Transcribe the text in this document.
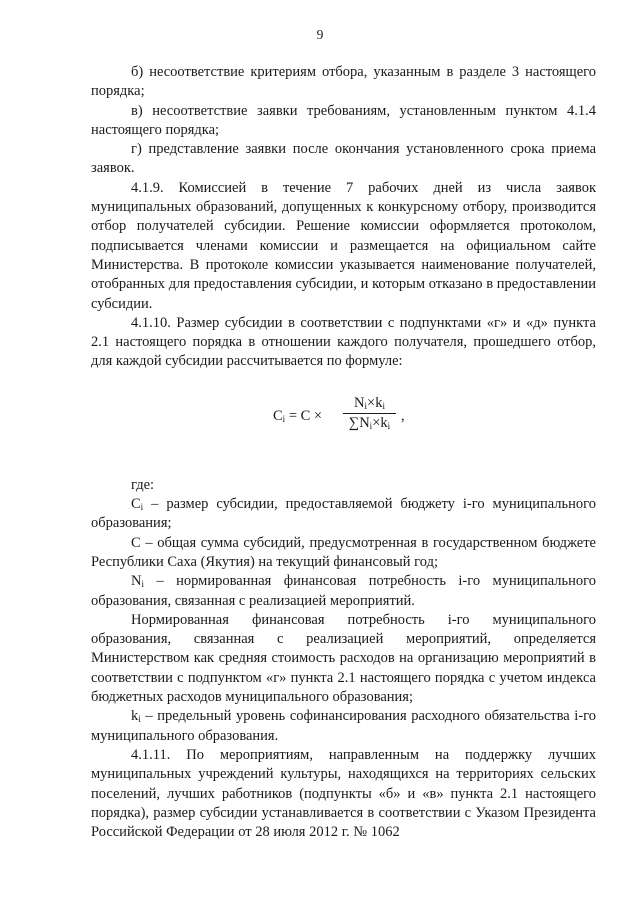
9

б) несоответствие критериям отбора, указанным в разделе 3 настоящего порядка;

в) несоответствие заявки требованиям, установленным пунктом 4.1.4 настоящего порядка;

г) представление заявки после окончания установленного срока приема заявок.

4.1.9. Комиссией в течение 7 рабочих дней из числа заявок муниципальных образований, допущенных к конкурсному отбору, производится отбор получателей субсидии. Решение комиссии оформляется протоколом, подписывается членами комиссии и размещается на официальном сайте Министерства. В протоколе комиссии указывается наименование получателей, отобранных для предоставления субсидии, и которым отказано в предоставлении субсидии.

4.1.10. Размер субсидии в соответствии с подпунктами «г» и «д» пункта 2.1 настоящего порядка в отношении каждого получателя, прошедшего отбор, для каждой субсидии рассчитывается по формуле:

$C_i = C \times \frac{N_i\times k_i}{\sum N_i\times k_i}$ ,

где:

$C_i$ – размер субсидии, предоставляемой бюджету i-го муниципального образования;

С – общая сумма субсидий, предусмотренная в государственном бюджете Республики Саха (Якутия) на текущий финансовый год;

$N_i$ – нормированная финансовая потребность i-го муниципального образования, связанная с реализацией мероприятий.

Нормированная финансовая потребность i-го муниципального образования, связанная с реализацией мероприятий, определяется Министерством как средняя стоимость расходов на организацию мероприятий в соответствии с подпунктом «г» пункта 2.1 настоящего порядка с учетом индекса бюджетных расходов муниципального образования;

$k_i$ – предельный уровень софинансирования расходного обязательства i-го муниципального образования.

4.1.11. По мероприятиям, направленным на поддержку лучших муниципальных учреждений культуры, находящихся на территориях сельских поселений, лучших работников (подпункты «б» и «в» пункта 2.1 настоящего порядка), размер субсидии устанавливается в соответствии с Указом Президента Российской Федерации от 28 июля 2012 г. № 1062
